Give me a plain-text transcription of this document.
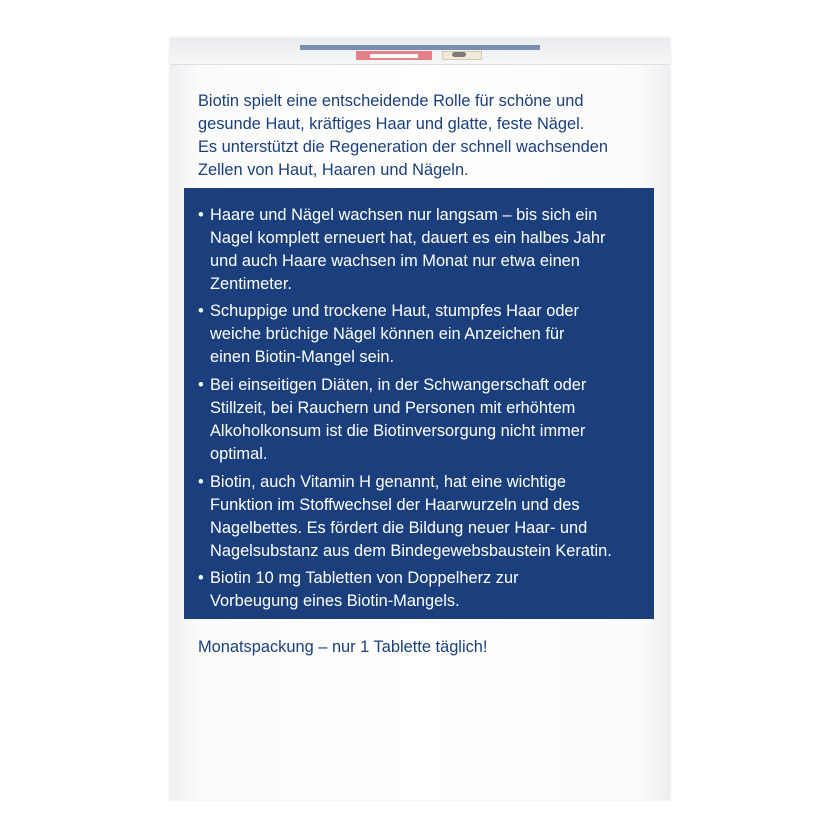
Biotin spielt eine entscheidende Rolle für schöne und

gesunde Haut, kräftiges Haar und glatte, feste Nägel.

Es unterstützt die Regeneration der schnell wachsenden

Zellen von Haut, Haaren und Nägeln.

• Haare und Nägel wachsen nur langsam – bis sich ein
Nagel komplett erneuert hat, dauert es ein halbes Jahr
und auch Haare wachsen im Monat nur etwa einen
Zentimeter.
• Schuppige und trockene Haut, stumpfes Haar oder
weiche brüchige Nägel können ein Anzeichen für
einen Biotin-Mangel sein.
• Bei einseitigen Diäten, in der Schwangerschaft oder
Stillzeit, bei Rauchern und Personen mit erhöhtem
Alkoholkonsum ist die Biotinversorgung nicht immer
optimal.
• Biotin, auch Vitamin H genannt, hat eine wichtige
Funktion im Stoffwechsel der Haarwurzeln und des
Nagelbettes. Es fördert die Bildung neuer Haar- und
Nagelsubstanz aus dem Bindegewebsbaustein Keratin.
• Biotin 10 mg Tabletten von Doppelherz zur
Vorbeugung eines Biotin-Mangels.
Monatspackung – nur 1 Tablette täglich!
